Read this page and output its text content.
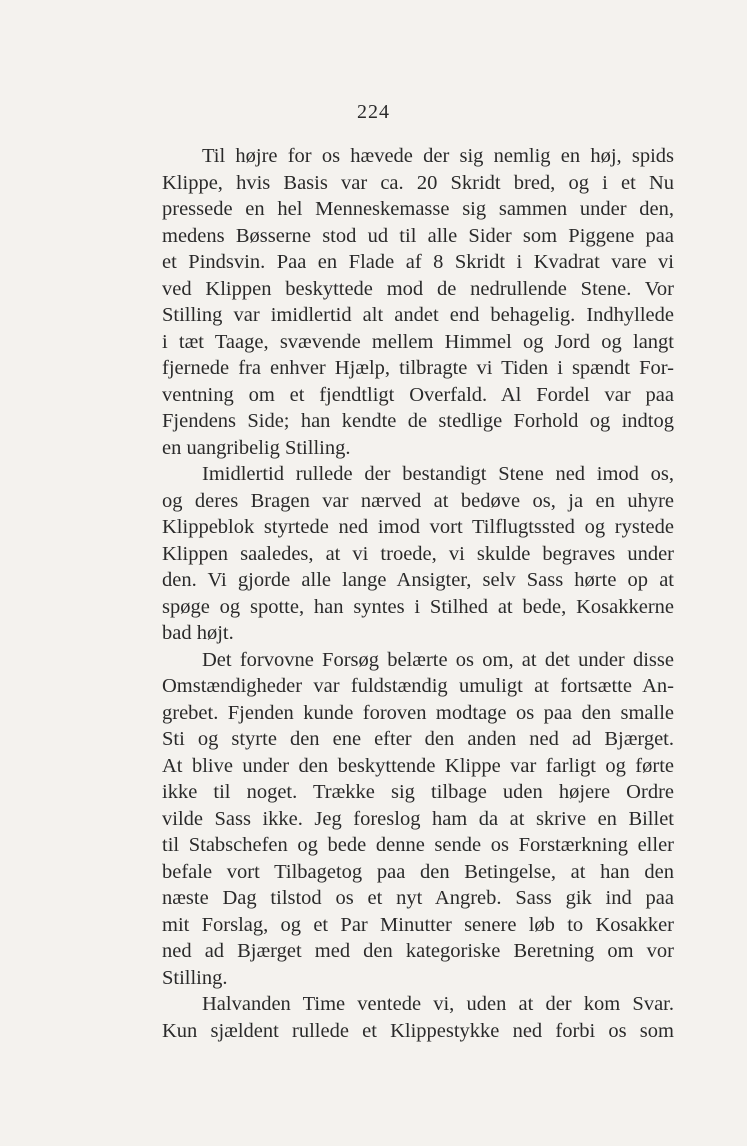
224
Til højre for os hævede der sig nemlig en høj, spids
Klippe, hvis Basis var ca. 20 Skridt bred, og i et Nu
pressede en hel Menneskemasse sig sammen under den,
medens Bøsserne stod ud til alle Sider som Piggene paa
et Pindsvin. Paa en Flade af 8 Skridt i Kvadrat vare vi
ved Klippen beskyttede mod de nedrullende Stene. Vor
Stilling var imidlertid alt andet end behagelig. Indhyllede
i tæt Taage, svævende mellem Himmel og Jord og langt
fjernede fra enhver Hjælp, tilbragte vi Tiden i spændt For-
ventning om et fjendtligt Overfald. Al Fordel var paa
Fjendens Side; han kendte de stedlige Forhold og indtog
en uangribelig Stilling.
Imidlertid rullede der bestandigt Stene ned imod os,
og deres Bragen var nærved at bedøve os, ja en uhyre
Klippeblok styrtede ned imod vort Tilflugtssted og rystede
Klippen saaledes, at vi troede, vi skulde begraves under
den. Vi gjorde alle lange Ansigter, selv Sass hørte op at
spøge og spotte, han syntes i Stilhed at bede, Kosakkerne
bad højt.
Det forvovne Forsøg belærte os om, at det under disse
Omstændigheder var fuldstændig umuligt at fortsætte An-
grebet. Fjenden kunde foroven modtage os paa den smalle
Sti og styrte den ene efter den anden ned ad Bjærget.
At blive under den beskyttende Klippe var farligt og førte
ikke til noget. Trække sig tilbage uden højere Ordre
vilde Sass ikke. Jeg foreslog ham da at skrive en Billet
til Stabschefen og bede denne sende os Forstærkning eller
befale vort Tilbagetog paa den Betingelse, at han den
næste Dag tilstod os et nyt Angreb. Sass gik ind paa
mit Forslag, og et Par Minutter senere løb to Kosakker
ned ad Bjærget med den kategoriske Beretning om vor
Stilling.
Halvanden Time ventede vi, uden at der kom Svar.
Kun sjældent rullede et Klippestykke ned forbi os som
